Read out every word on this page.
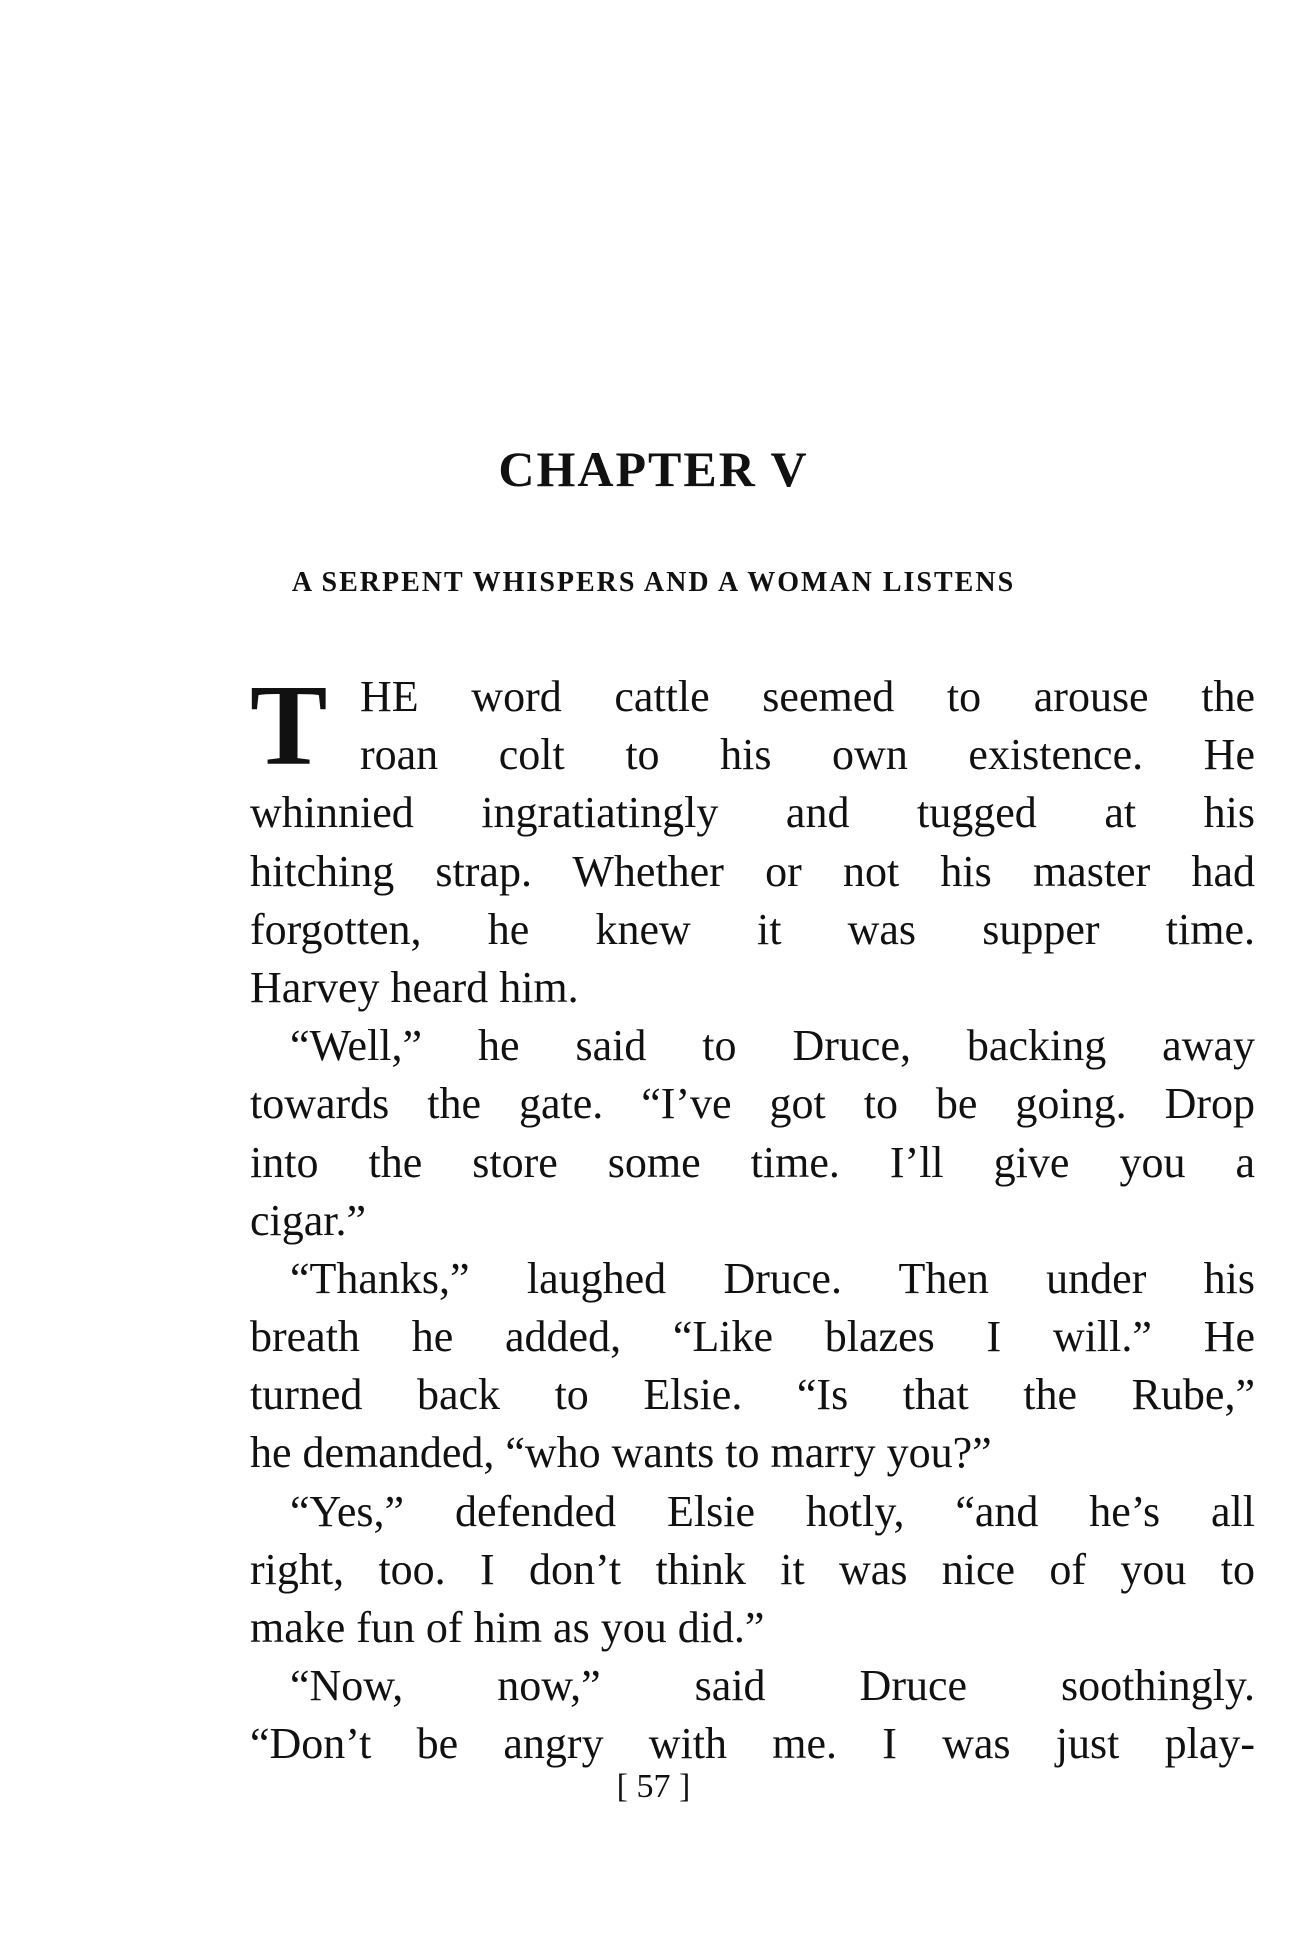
CHAPTER V
A SERPENT WHISPERS AND A WOMAN LISTENS
T HE word cattle seemed to arouse the
roan colt to his own existence. He
whinnied ingratiatingly and tugged at his
hitching strap. Whether or not his master had
forgotten, he knew it was supper time.
Harvey heard him.
“Well,” he said to Druce, backing away
towards the gate. “I’ve got to be going. Drop
into the store some time. I’ll give you a
cigar.”
“Thanks,” laughed Druce. Then under his
breath he added, “Like blazes I will.” He
turned back to Elsie. “Is that the Rube,”
he demanded, “who wants to marry you?”
“Yes,” defended Elsie hotly, “and he’s all
right, too. I don’t think it was nice of you to
make fun of him as you did.”
“Now, now,” said Druce soothingly.
“Don’t be angry with me. I was just play-
[ 57 ]
